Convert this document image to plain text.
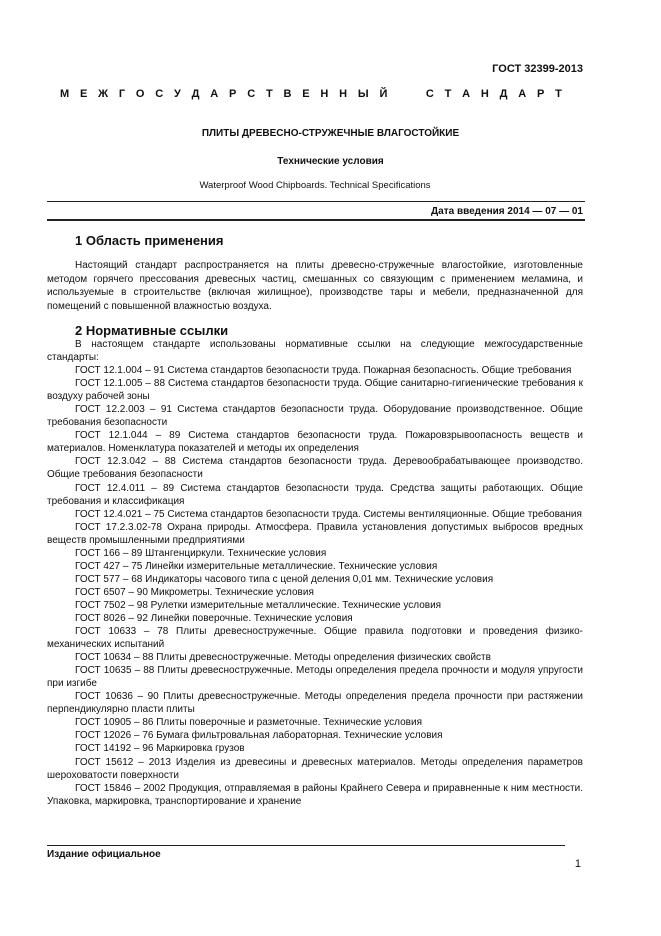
ГОСТ 32399-2013
М Е Ж Г О С У Д А Р С Т В Е Н Н Ы Й

	С Т А Н Д А Р Т
ПЛИТЫ ДРЕВЕСНО-СТРУЖЕЧНЫЕ ВЛАГОСТОЙКИЕ
Технические условия
Waterproof Wood Chipboards. Technical Specifications
Дата введения 2014 — 07 — 01
1 Область применения

Настоящий стандарт распространяется на плиты древесно-стружечные влагостойкие, изготовленные методом горячего прессования древесных частиц, смешанных со связующим с применением меламина, и используемые в строительстве (включая жилищное), производстве тары и мебели, предназначенной для помещений с повышенной влажностью воздуха.

2 Нормативные ссылки

В настоящем стандарте использованы нормативные ссылки на следующие межгосударственные стандарты:

ГОСТ 12.1.004 – 91 Система стандартов безопасности труда. Пожарная безопасность. Общие требования

ГОСТ 12.1.005 – 88 Система стандартов безопасности труда. Общие санитарно-гигиенические требования к воздуху рабочей зоны

ГОСТ 12.2.003 – 91 Система стандартов безопасности труда. Оборудование производственное. Общие требования безопасности

ГОСТ 12.1.044 – 89 Система стандартов безопасности труда. Пожаровзрывоопасность веществ и материалов. Номенклатура показателей и методы их определения

ГОСТ 12.3.042 – 88 Система стандартов безопасности труда. Деревообрабатывающее производство. Общие требования безопасности

ГОСТ 12.4.011 – 89 Система стандартов безопасности труда. Средства защиты работающих. Общие требования и классификация

ГОСТ 12.4.021 – 75 Система стандартов безопасности труда. Системы вентиляционные. Общие требования

ГОСТ 17.2.3.02-78 Охрана природы. Атмосфера. Правила установления допустимых выбросов вредных веществ промышленными предприятиями

ГОСТ 166 – 89 Штангенциркули. Технические условия

ГОСТ 427 – 75 Линейки измерительные металлические. Технические условия

ГОСТ 577 – 68 Индикаторы часового типа с ценой деления 0,01 мм. Технические условия

ГОСТ 6507 – 90 Микрометры. Технические условия

ГОСТ 7502 – 98 Рулетки измерительные металлические. Технические условия

ГОСТ 8026 – 92 Линейки поверочные. Технические условия

ГОСТ 10633 – 78 Плиты древесностружечные. Общие правила подготовки и проведения физико-механических испытаний

ГОСТ 10634 – 88 Плиты древесностружечные. Методы определения физических свойств

ГОСТ 10635 – 88 Плиты древесностружечные. Методы определения предела прочности и модуля упругости при изгибе

ГОСТ 10636 – 90 Плиты древесностружечные. Методы определения предела прочности при растяжении перпендикулярно пласти плиты

ГОСТ 10905 – 86 Плиты поверочные и разметочные. Технические условия

ГОСТ 12026 – 76 Бумага фильтровальная лабораторная. Технические условия

ГОСТ 14192 – 96 Маркировка грузов

ГОСТ 15612 – 2013 Изделия из древесины и древесных материалов. Методы определения параметров шероховатости поверхности

ГОСТ 15846 – 2002 Продукция, отправляемая в районы Крайнего Севера и приравненные к ним местности. Упаковка, маркировка, транспортирование и хранение

Издание официальное
1
